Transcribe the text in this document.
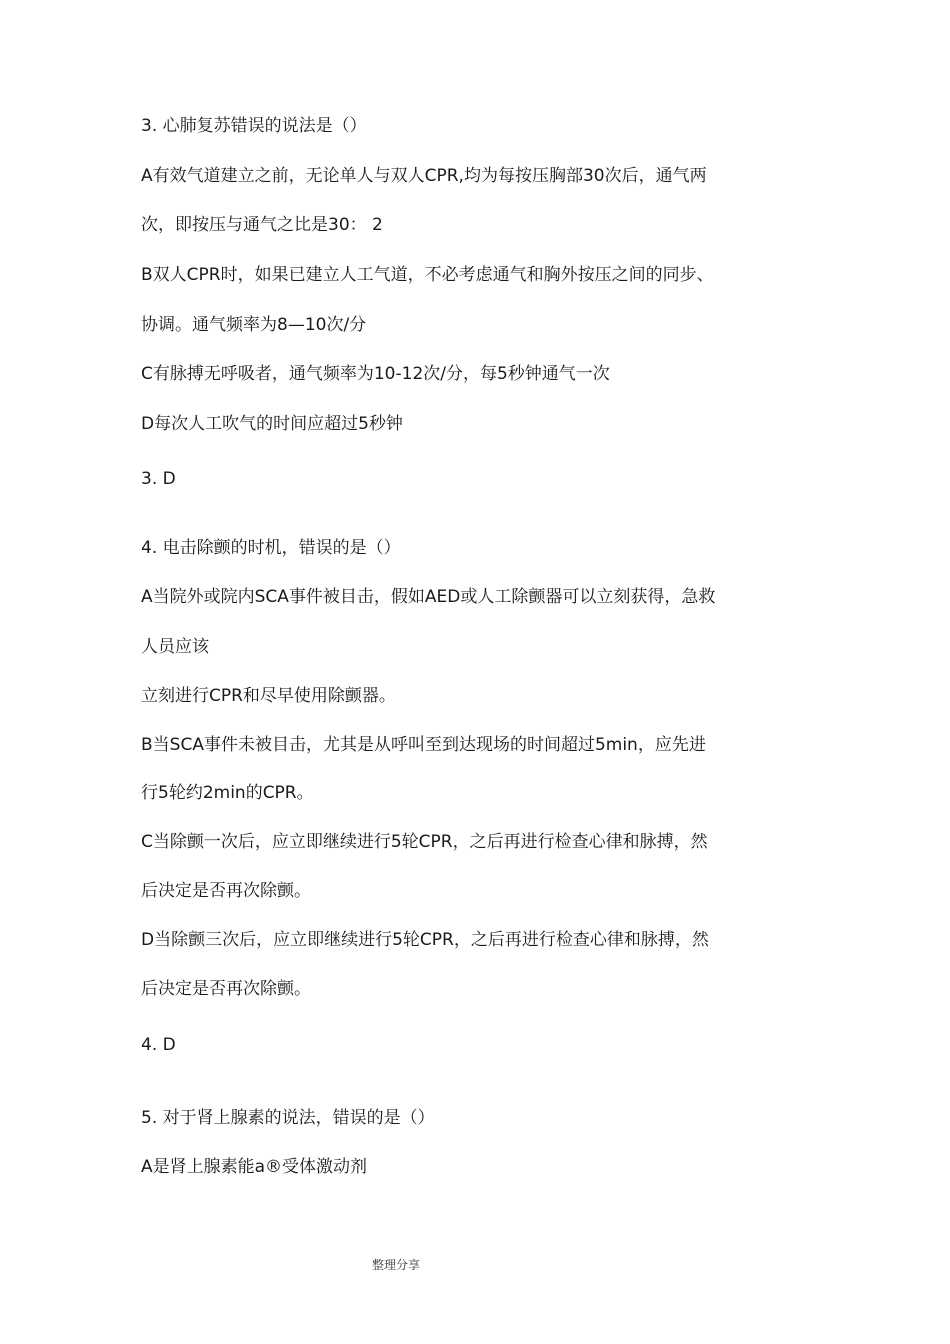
3. 心肺复苏错误的说法是（）
A有效气道建立之前，无论单人与双人CPR,均为每按压胸部30次后，通气两
次，即按压与通气之比是30： 2
B双人CPR时，如果已建立人工气道，不必考虑通气和胸外按压之间的同步、
协调。通气频率为8—10次/分
C有脉搏无呼吸者，通气频率为10-12次/分，每5秒钟通气一次
D每次人工吹气的时间应超过5秒钟
3. D
4. 电击除颤的时机，错误的是（）
A当院外或院内SCA事件被目击，假如AED或人工除颤器可以立刻获得，急救
人员应该
立刻进行CPR和尽早使用除颤器。
B当SCA事件未被目击，尤其是从呼叫至到达现场的时间超过5min，应先进
行5轮约2min的CPR。
C当除颤一次后，应立即继续进行5轮CPR，之后再进行检查心律和脉搏，然
后决定是否再次除颤。
D当除颤三次后，应立即继续进行5轮CPR，之后再进行检查心律和脉搏，然
后决定是否再次除颤。
4. D
5. 对于肾上腺素的说法，错误的是（）
A是肾上腺素能a®受体激动剂
整理分享
